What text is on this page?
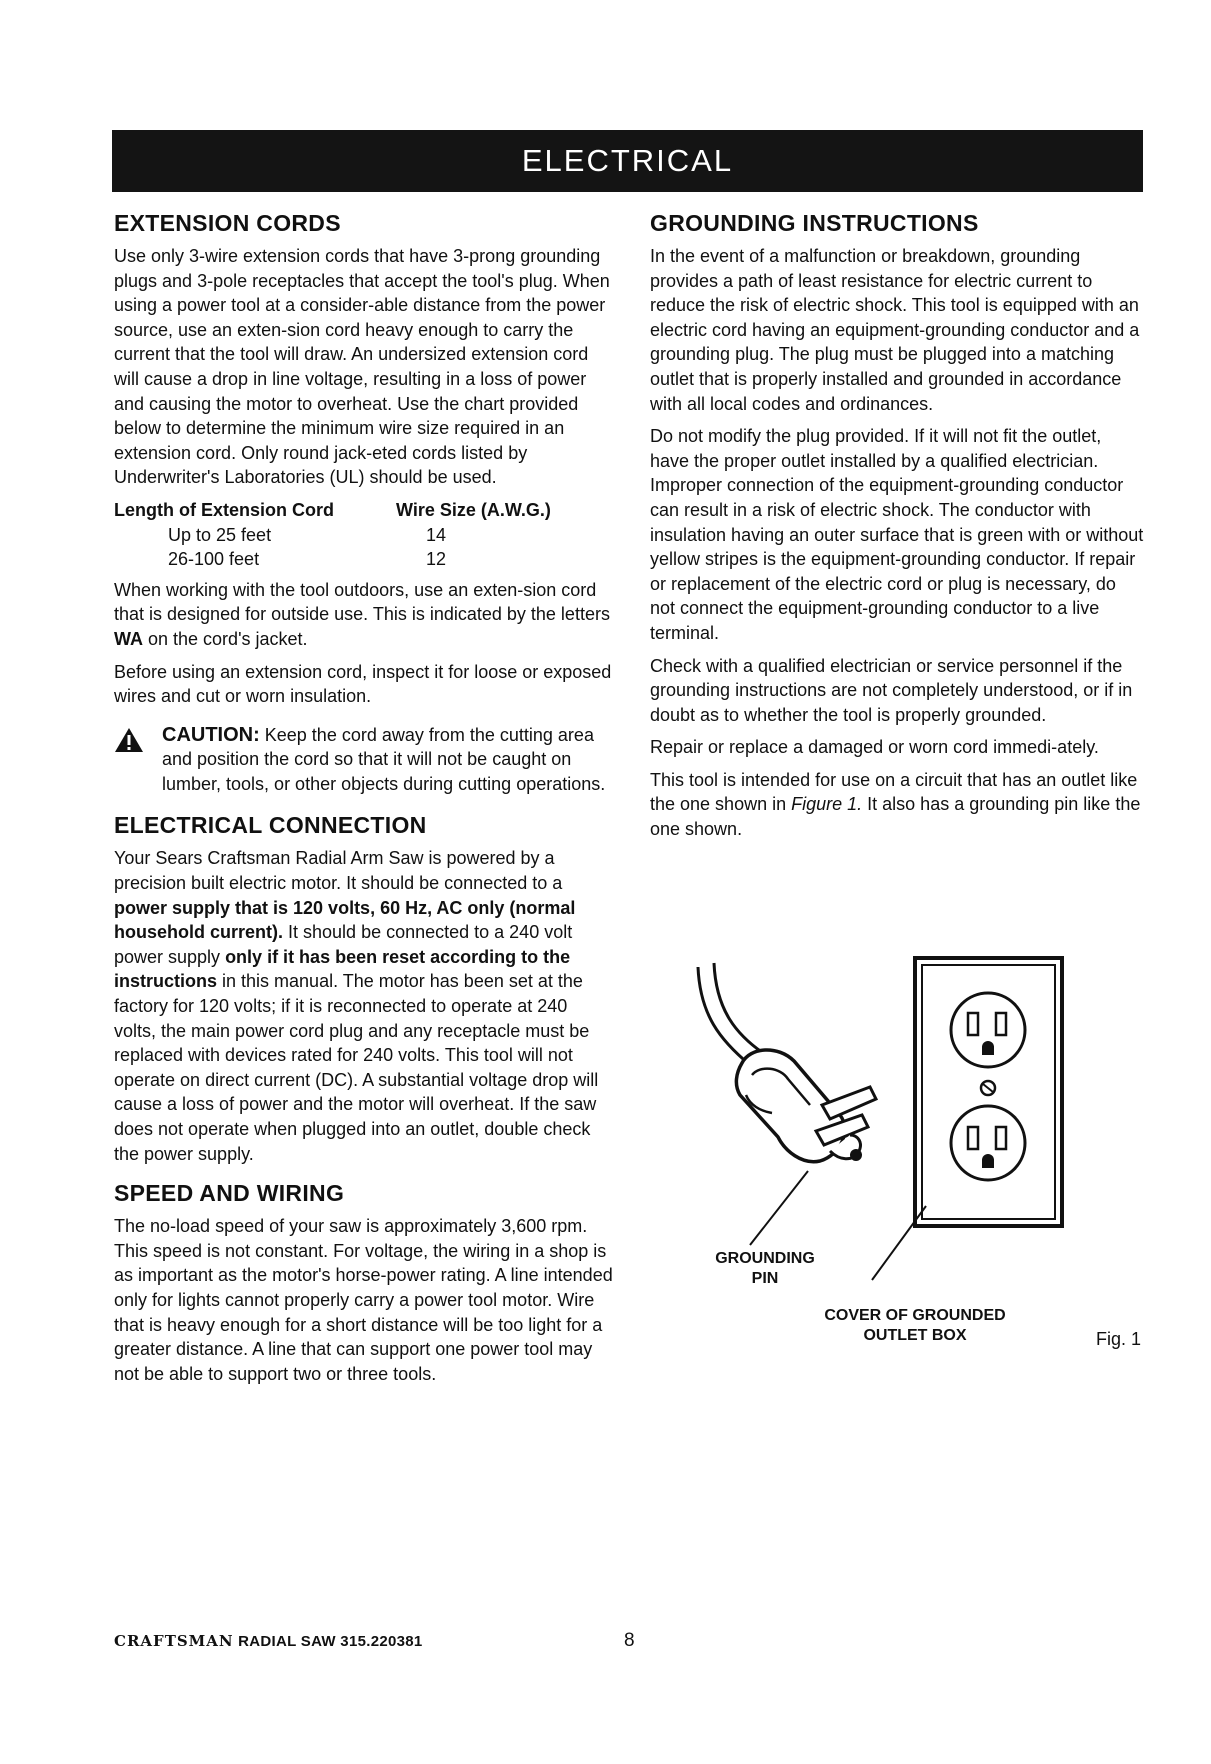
ELECTRICAL
EXTENSION CORDS

Use only 3-wire extension cords that have 3-prong grounding plugs and 3-pole receptacles that accept the tool's plug. When using a power tool at a consider-able distance from the power source, use an exten-sion cord heavy enough to carry the current that the tool will draw. An undersized extension cord will cause a drop in line voltage, resulting in a loss of power and causing the motor to overheat. Use the chart provided below to determine the minimum wire size required in an extension cord. Only round jack-eted cords listed by Underwriter's Laboratories (UL) should be used.

Length of Extension Cord	Wire Size (A.W.G.)
Up to 25 feet	14
26-100 feet	12

When working with the tool outdoors, use an exten-sion cord that is designed for outside use. This is indicated by the letters WA on the cord's jacket.

Before using an extension cord, inspect it for loose or exposed wires and cut or worn insulation.

CAUTION: Keep the cord away from the cutting area and position the cord so that it will not be caught on lumber, tools, or other objects during cutting operations.
ELECTRICAL CONNECTION

Your Sears Craftsman Radial Arm Saw is powered by a precision built electric motor. It should be connected to a power supply that is 120 volts, 60 Hz, AC only (normal household current). It should be connected to a 240 volt power supply only if it has been reset according to the instructions in this manual. The motor has been set at the factory for 120 volts; if it is reconnected to operate at 240 volts, the main power cord plug and any receptacle must be replaced with devices rated for 240 volts. This tool will not operate on direct current (DC). A substantial voltage drop will cause a loss of power and the motor will overheat. If the saw does not operate when plugged into an outlet, double check the power supply.

SPEED AND WIRING

The no-load speed of your saw is approximately 3,600 rpm. This speed is not constant. For voltage, the wiring in a shop is as important as the motor's horse-power rating. A line intended only for lights cannot properly carry a power tool motor. Wire that is heavy enough for a short distance will be too light for a greater distance. A line that can support one power tool may not be able to support two or three tools.

GROUNDING INSTRUCTIONS

In the event of a malfunction or breakdown, grounding provides a path of least resistance for electric current to reduce the risk of electric shock. This tool is equipped with an electric cord having an equipment-grounding conductor and a grounding plug. The plug must be plugged into a matching outlet that is properly installed and grounded in accordance with all local codes and ordinances.

Do not modify the plug provided. If it will not fit the outlet, have the proper outlet installed by a qualified electrician. Improper connection of the equipment-grounding conductor can result in a risk of electric shock. The conductor with insulation having an outer surface that is green with or without yellow stripes is the equipment-grounding conductor. If repair or replacement of the electric cord or plug is necessary, do not connect the equipment-grounding conductor to a live terminal.

Check with a qualified electrician or service personnel if the grounding instructions are not completely understood, or if in doubt as to whether the tool is properly grounded.

Repair or replace a damaged or worn cord immedi-ately.

This tool is intended for use on a circuit that has an outlet like the one shown in Figure 1. It also has a grounding pin like the one shown.

GROUNDING
PIN
COVER OF GROUNDED
OUTLET BOX	Fig. 1
CRAFTSMAN RADIAL SAW 315.220381	8
